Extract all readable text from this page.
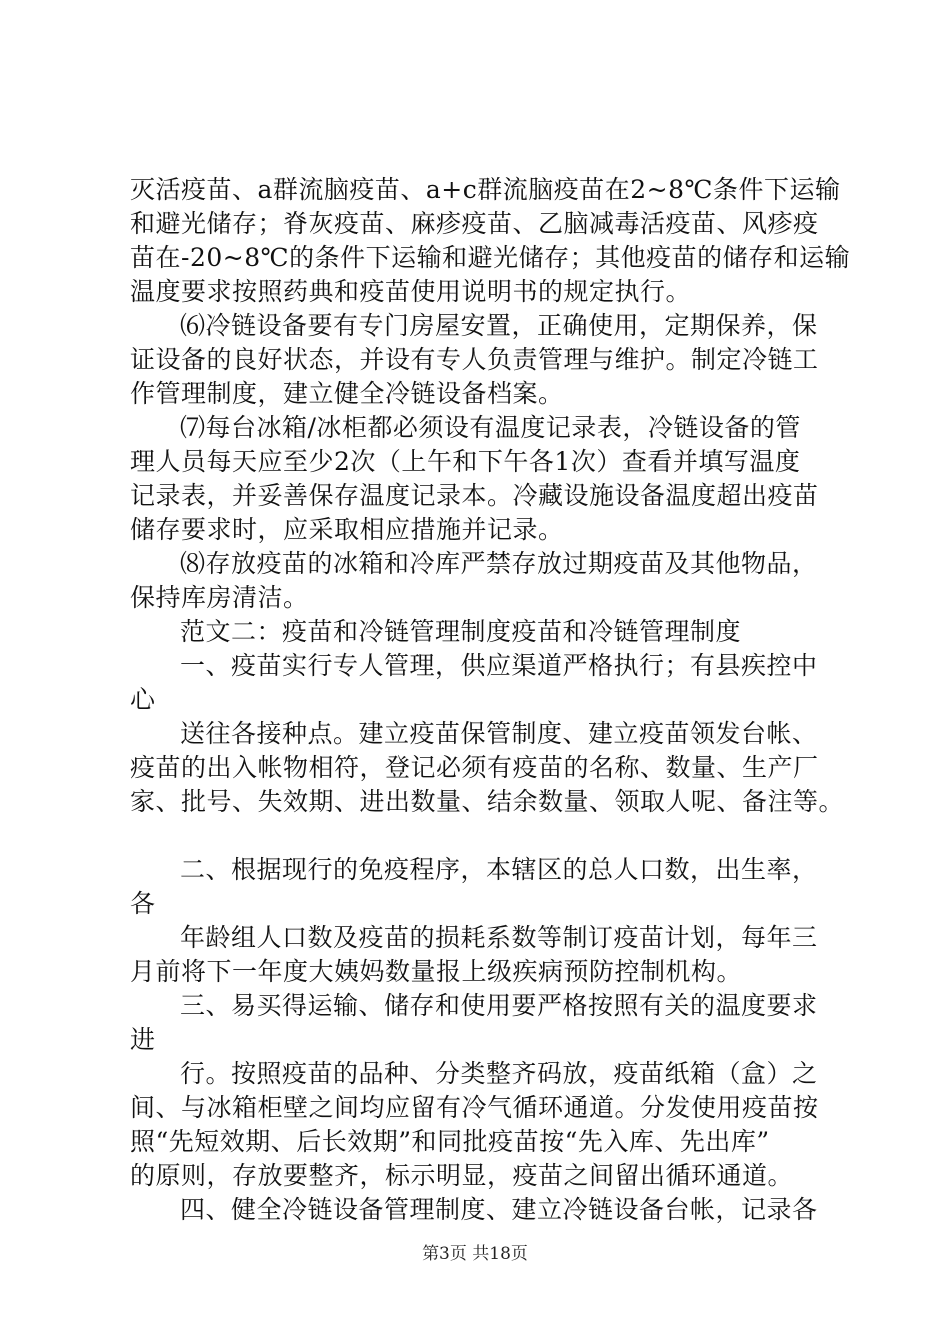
灭活疫苗、a群流脑疫苗、a+c群流脑疫苗在2~8℃条件下运输

和避光储存；脊灰疫苗、麻疹疫苗、乙脑减毒活疫苗、风疹疫

苗在-20~8℃的条件下运输和避光储存；其他疫苗的储存和运输

温度要求按照药典和疫苗使用说明书的规定执行。

⑹冷链设备要有专门房屋安置，正确使用，定期保养，保

证设备的良好状态，并设有专人负责管理与维护。制定冷链工

作管理制度，建立健全冷链设备档案。

⑺每台冰箱/冰柜都必须设有温度记录表，冷链设备的管

理人员每天应至少2次（上午和下午各1次）查看并填写温度

记录表，并妥善保存温度记录本。冷藏设施设备温度超出疫苗

储存要求时，应采取相应措施并记录。

⑻存放疫苗的冰箱和冷库严禁存放过期疫苗及其他物品，

保持库房清洁。

范文二：疫苗和冷链管理制度疫苗和冷链管理制度

一、疫苗实行专人管理，供应渠道严格执行；有县疾控中

心

送往各接种点。建立疫苗保管制度、建立疫苗领发台帐、

疫苗的出入帐物相符，登记必须有疫苗的名称、数量、生产厂

家、批号、失效期、进出数量、结余数量、领取人呢、备注等。

二、根据现行的免疫程序，本辖区的总人口数，出生率，

各

年龄组人口数及疫苗的损耗系数等制订疫苗计划，每年三

月前将下一年度大姨妈数量报上级疾病预防控制机构。

三、易买得运输、储存和使用要严格按照有关的温度要求

进

行。按照疫苗的品种、分类整齐码放，疫苗纸箱（盒）之

间、与冰箱柜壁之间均应留有冷气循环通道。分发使用疫苗按

照“先短效期、后长效期”和同批疫苗按“先入库、先出库”

的原则，存放要整齐，标示明显，疫苗之间留出循环通道。

四、健全冷链设备管理制度、建立冷链设备台帐，记录各

第3页 共18页
